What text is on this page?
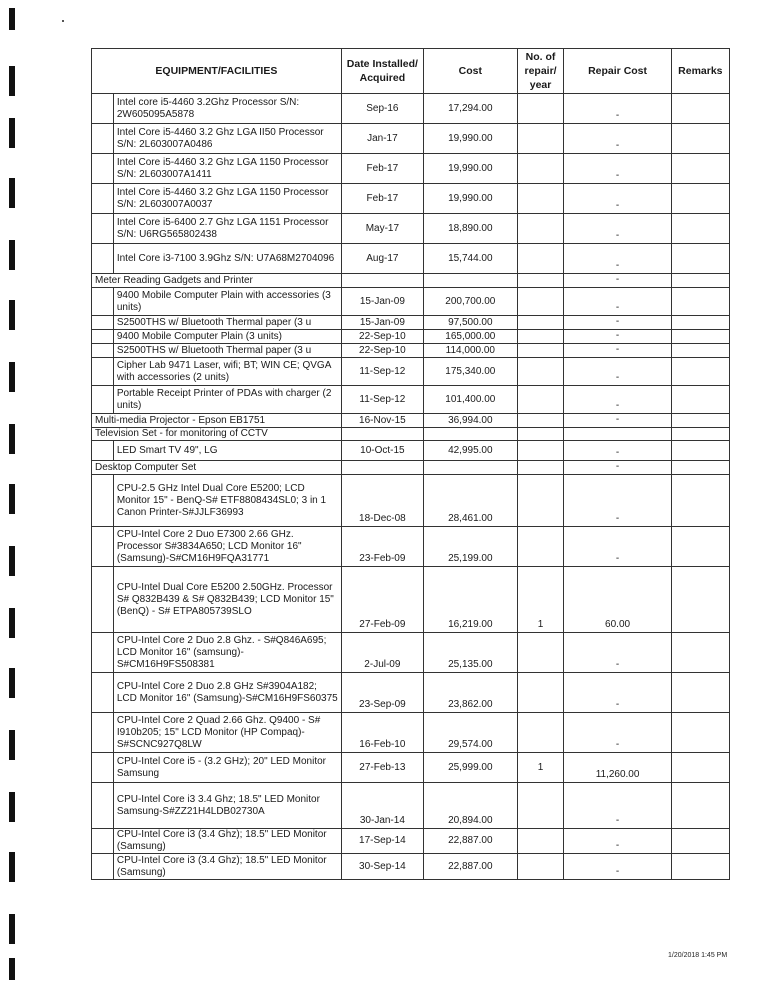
EQUIPMENT/FACILITIES		Date Installed/ Acquired	Cost	No. of repair/ year	Repair Cost	Remarks
	Intel core i5-4460 3.2Ghz Processor S/N: 2W605095A5878	Sep-16	17,294.00		-	
	Intel Core i5-4460 3.2 Ghz LGA II50 Processor S/N: 2L603007A0486	Jan-17	19,990.00		-	
	Intel Core i5-4460 3.2 Ghz LGA 1150 Processor S/N: 2L603007A1411	Feb-17	19,990.00		-	
	Intel Core i5-4460 3.2 Ghz LGA 1150 Processor S/N: 2L603007A0037	Feb-17	19,990.00		-	
	Intel Core i5-6400 2.7 Ghz LGA 1151 Processor S/N: U6RG565802438	May-17	18,890.00		-	
	Intel Core i3-7100 3.9Ghz S/N: U7A68M2704096	Aug-17	15,744.00		-	
Meter Reading Gadgets and Printer					-	
	9400 Mobile Computer Plain with accessories (3 units)	15-Jan-09	200,700.00		-	
	S2500THS w/ Bluetooth Thermal paper (3 u	15-Jan-09	97,500.00		-	
	9400 Mobile Computer Plain (3 units)	22-Sep-10	165,000.00		-	
	S2500THS w/ Bluetooth Thermal paper (3 u	22-Sep-10	114,000.00		-	
	Cipher Lab 9471 Laser, wifi; BT; WIN CE; QVGA with accessories (2 units)	11-Sep-12	175,340.00		-	
	Portable Receipt Printer of PDAs with charger (2 units)	11-Sep-12	101,400.00		-	
Multi-media Projector - Epson EB1751		16-Nov-15	36,994.00		-	
Television Set - for monitoring of CCTV						
	LED Smart TV 49", LG	10-Oct-15	42,995.00		-	
Desktop Computer Set					-	
	CPU-2.5 GHz Intel Dual Core E5200; LCD Monitor 15" - BenQ-S# ETF8808434SL0; 3 in 1 Canon Printer-S#JJLF36993	18-Dec-08	28,461.00		-	
	CPU-Intel Core 2 Duo E7300 2.66 GHz. Processor S#3834A650; LCD Monitor 16" (Samsung)-S#CM16H9FQA31771	23-Feb-09	25,199.00		-	
	CPU-Intel Dual Core E5200 2.50GHz. Processor S# Q832B439 & S# Q832B439; LCD Monitor 15" (BenQ) - S# ETPA805739SLO	27-Feb-09	16,219.00	1	60.00	
	CPU-Intel Core 2 Duo 2.8 Ghz. - S#Q846A695; LCD Monitor 16" (samsung)-S#CM16H9FS508381	2-Jul-09	25,135.00		-	
	CPU-Intel Core 2 Duo 2.8 GHz S#3904A182; LCD Monitor 16" (Samsung)-S#CM16H9FS60375	23-Sep-09	23,862.00		-	
	CPU-Intel Core 2 Quad 2.66 Ghz. Q9400 - S# I910b205; 15" LCD Monitor (HP Compaq)-S#SCNC927Q8LW	16-Feb-10	29,574.00		-	
	CPU-Intel Core i5 - (3.2 GHz); 20" LED Monitor Samsung	27-Feb-13	25,999.00	1	11,260.00	
	CPU-Intel Core i3 3.4 Ghz; 18.5" LED Monitor Samsung-S#ZZ21H4LDB02730A	30-Jan-14	20,894.00		-	
	CPU-Intel Core i3 (3.4 Ghz); 18.5" LED Monitor (Samsung)	17-Sep-14	22,887.00		-	
	CPU-Intel Core i3 (3.4 Ghz); 18.5" LED Monitor (Samsung)	30-Sep-14	22,887.00		-	
1/20/2018 1:45 PM
